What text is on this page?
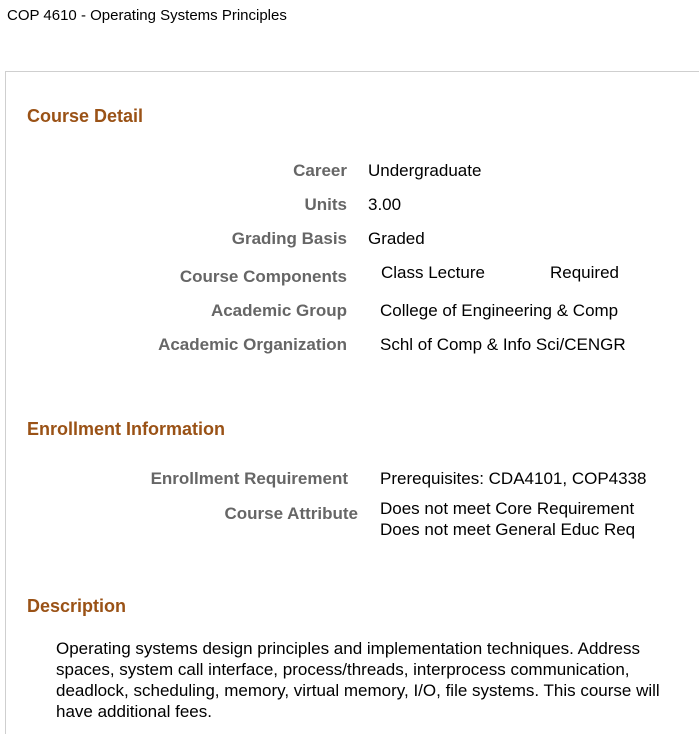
COP 4610 - Operating Systems Principles
Course Detail
Career Undergraduate
Units 3.00
Grading Basis Graded
Course Components Class Lecture	Required
Academic Group College of Engineering & Comp
Academic Organization Schl of Comp & Info Sci/CENGR
Enrollment Information
Enrollment Requirement Prerequisites: CDA4101, COP4338
Course Attribute Does not meet Core Requirement
Does not meet General Educ Req
Description
Operating systems design principles and implementation techniques. Address spaces, system call interface, process/threads, interprocess communication, deadlock, scheduling, memory, virtual memory, I/O, file systems. This course will have additional fees.
